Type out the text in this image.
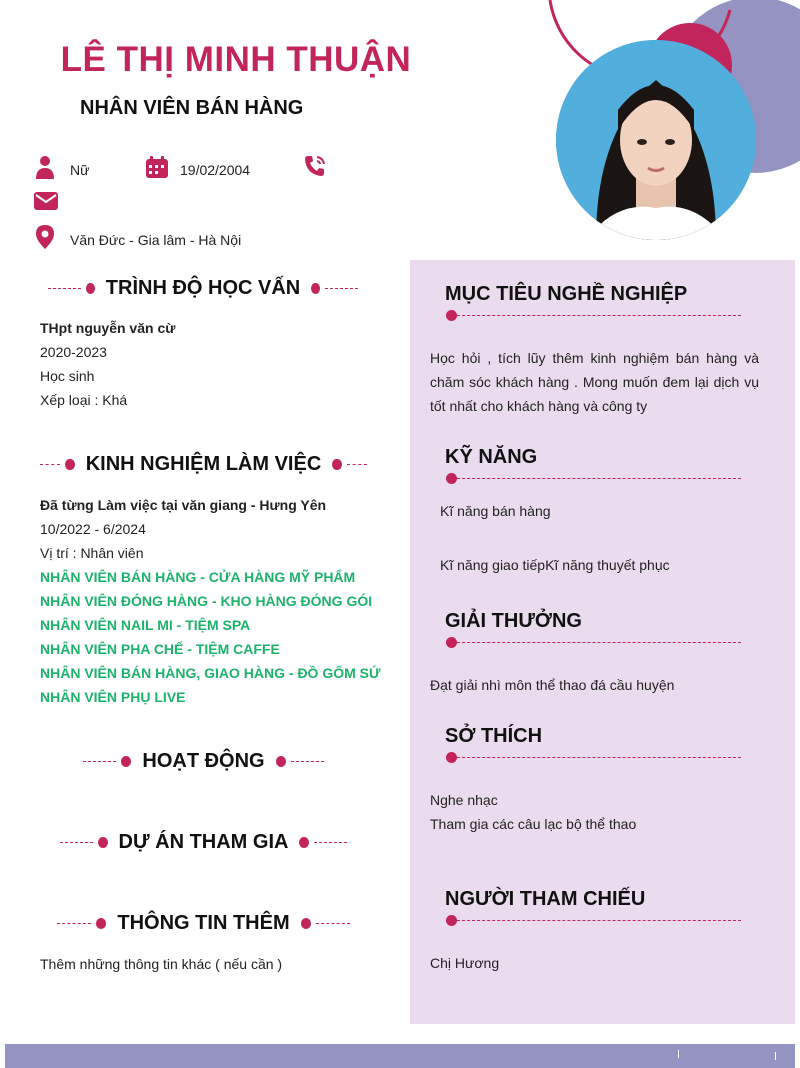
LÊ THỊ MINH THUẬN
NHÂN VIÊN BÁN HÀNG
Nữ	19/02/2004
Văn Đức - Gia lâm - Hà Nội
TRÌNH ĐỘ HỌC VẤN
THpt nguyễn văn cừ
2020-2023
Học sinh
Xếp loại : Khá
KINH NGHIỆM LÀM VIỆC
Đã từng Làm việc tại văn giang - Hưng Yên
10/2022 - 6/2024
Vị trí : Nhân viên
NHÂN VIÊN BÁN HÀNG - CỬA HÀNG MỸ PHẨM
NHÂN VIÊN ĐÓNG HÀNG - KHO HÀNG ĐÓNG GÓI
NHÂN VIÊN NAIL MI - TIỆM SPA
NHÂN VIÊN PHA CHẾ - TIỆM CAFFE
NHÂN VIÊN BÁN HÀNG, GIAO HÀNG - ĐỒ GỐM SỨ
NHÂN VIÊN PHỤ LIVE
HOẠT ĐỘNG
DỰ ÁN THAM GIA
THÔNG TIN THÊM
Thêm những thông tin khác ( nếu cần )
MỤC TIÊU NGHỀ NGHIỆP
Học hỏi , tích lũy thêm kinh nghiệm bán hàng và chăm sóc khách hàng . Mong muốn đem lại dịch vụ tốt nhất cho khách hàng và công ty
KỸ NĂNG
Kĩ năng bán hàng
Kĩ năng giao tiếpKĩ năng thuyết phục
GIẢI THƯỞNG
Đạt giải nhì môn thể thao đá cầu huyện
SỞ THÍCH
Nghe nhạc
Tham gia các câu lạc bộ thể thao
NGƯỜI THAM CHIẾU
Chị Hương
